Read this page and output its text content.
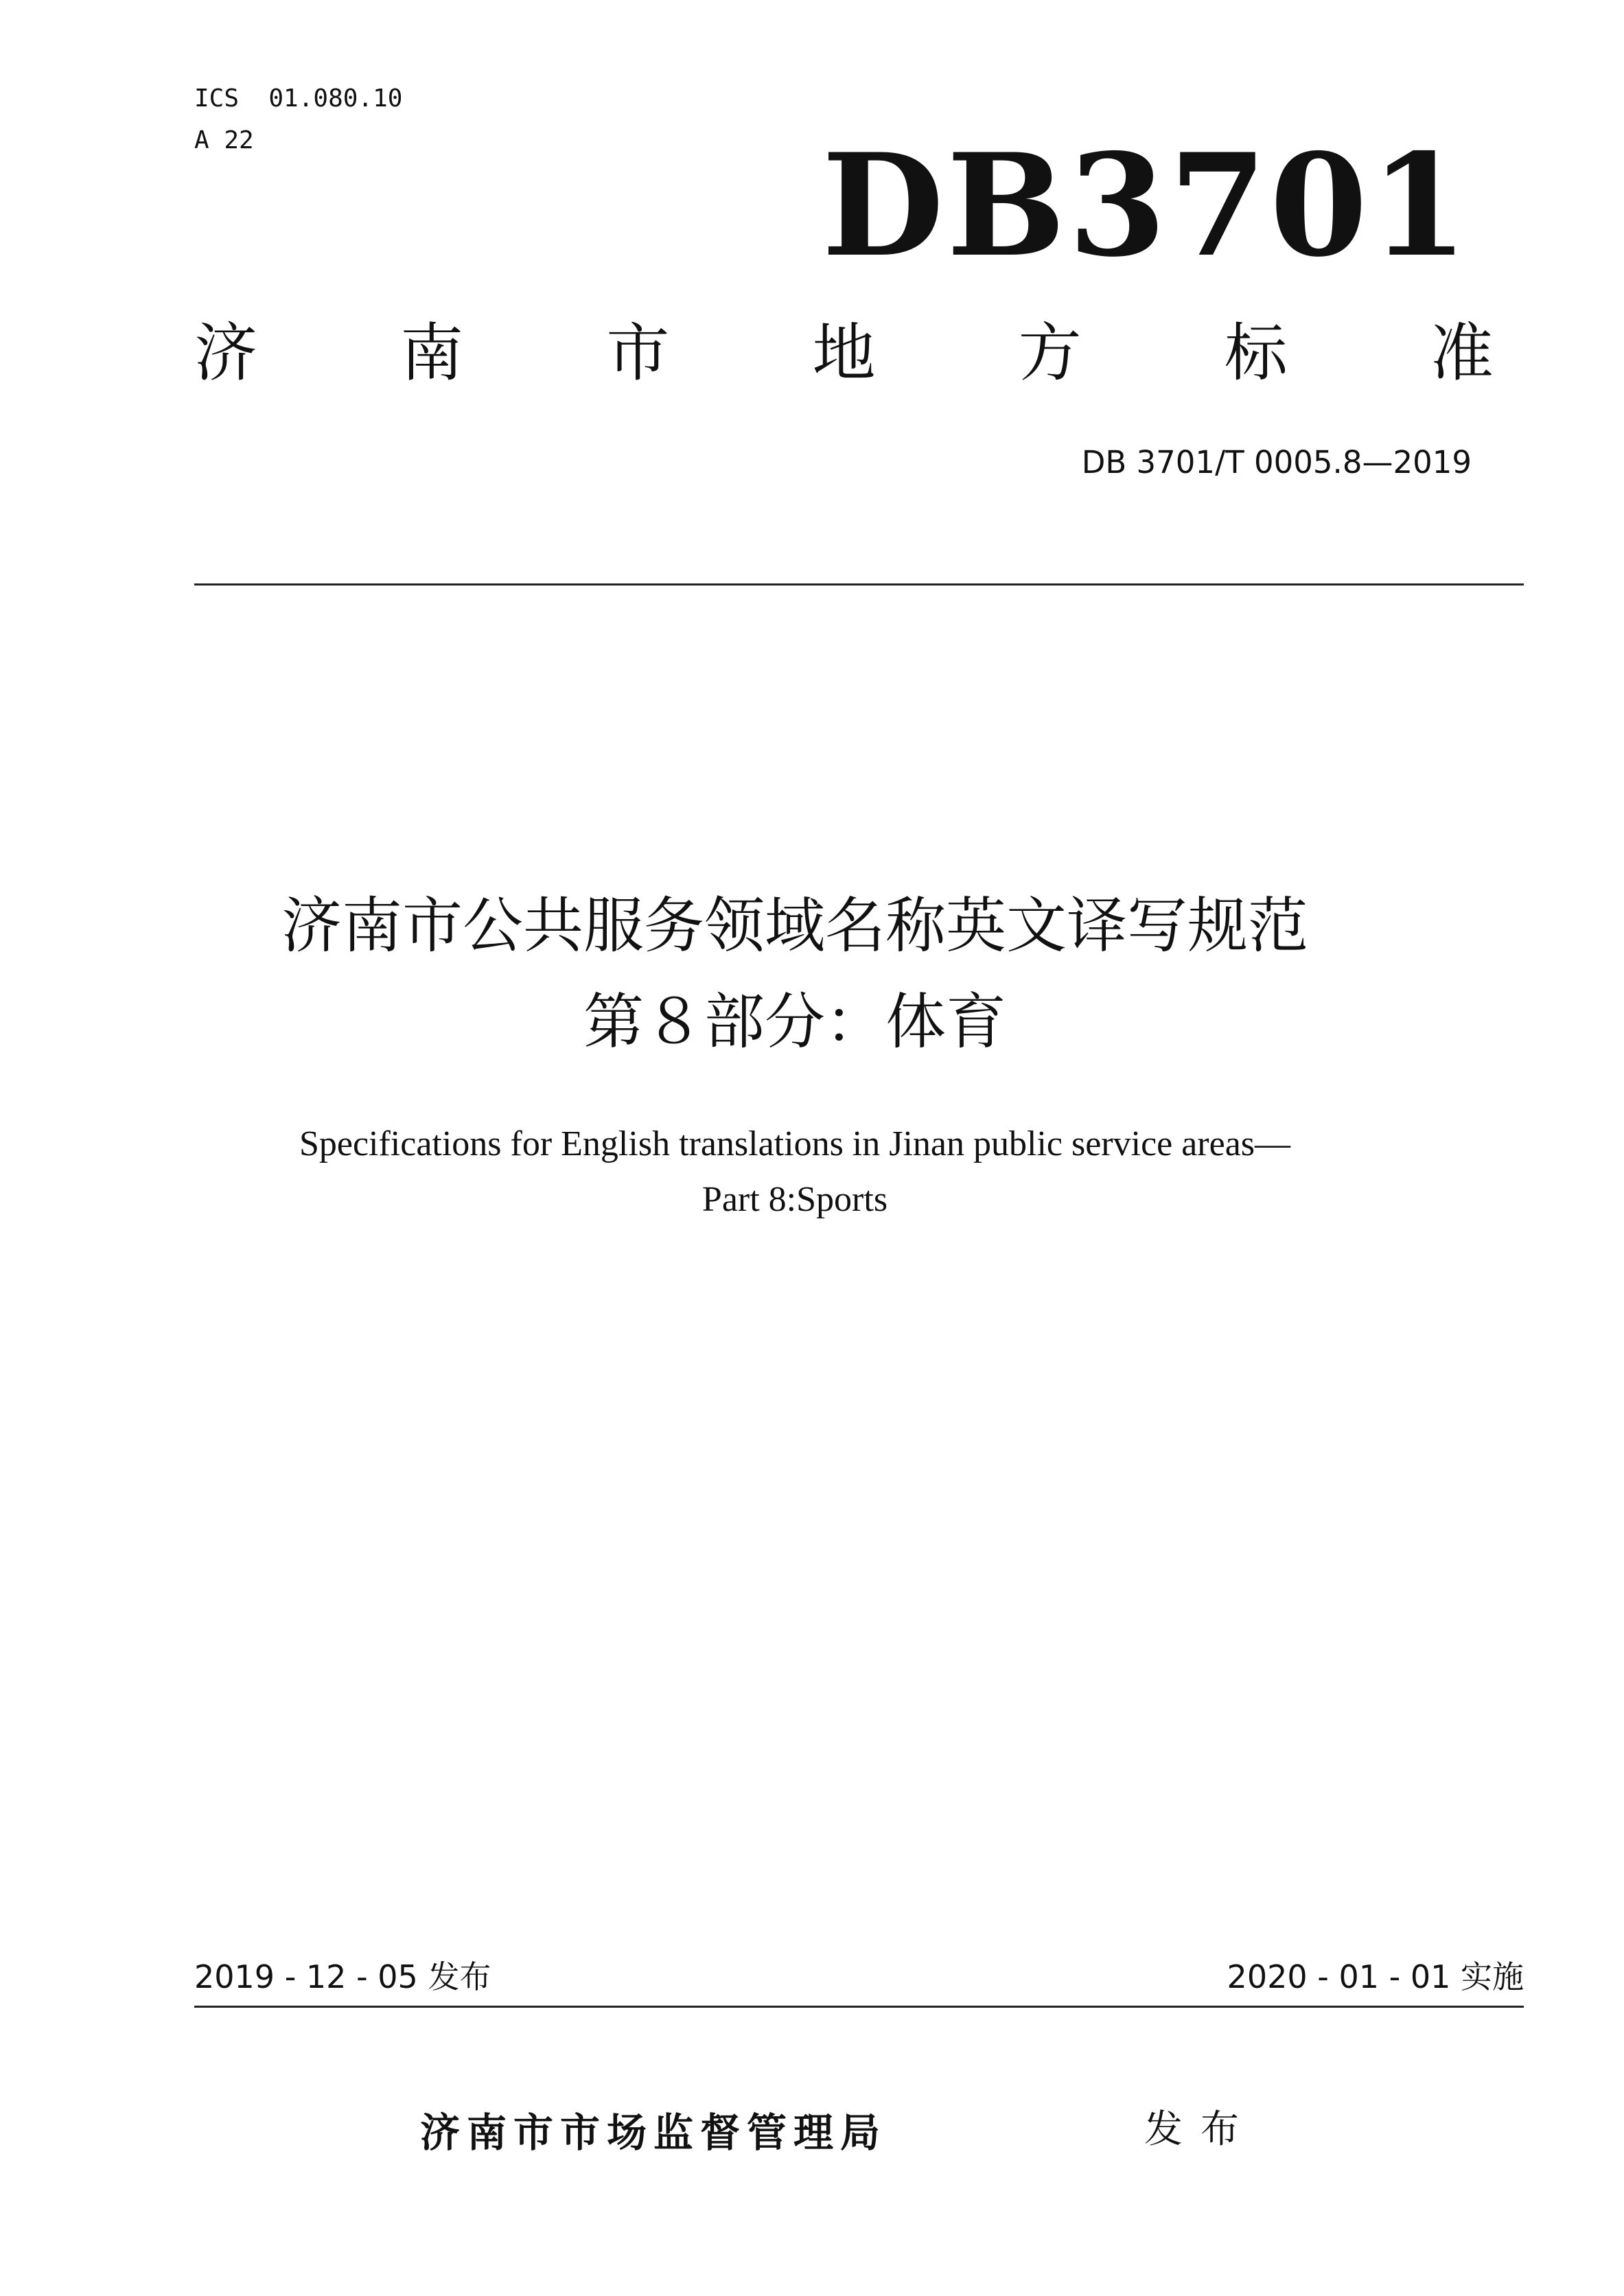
ICS  01.080.10
A 22	DB3701
济 南 市 地 方 标 准
DB 3701/T 0005.8—2019
济南市公共服务领域名称英文译写规范
第８部分：体育
Specifications for English translations in Jinan public service areas—
Part 8:Sports
2019 - 12 - 05 发布	2020 - 01 - 01 实施
济南市市场监督管理局	发布
